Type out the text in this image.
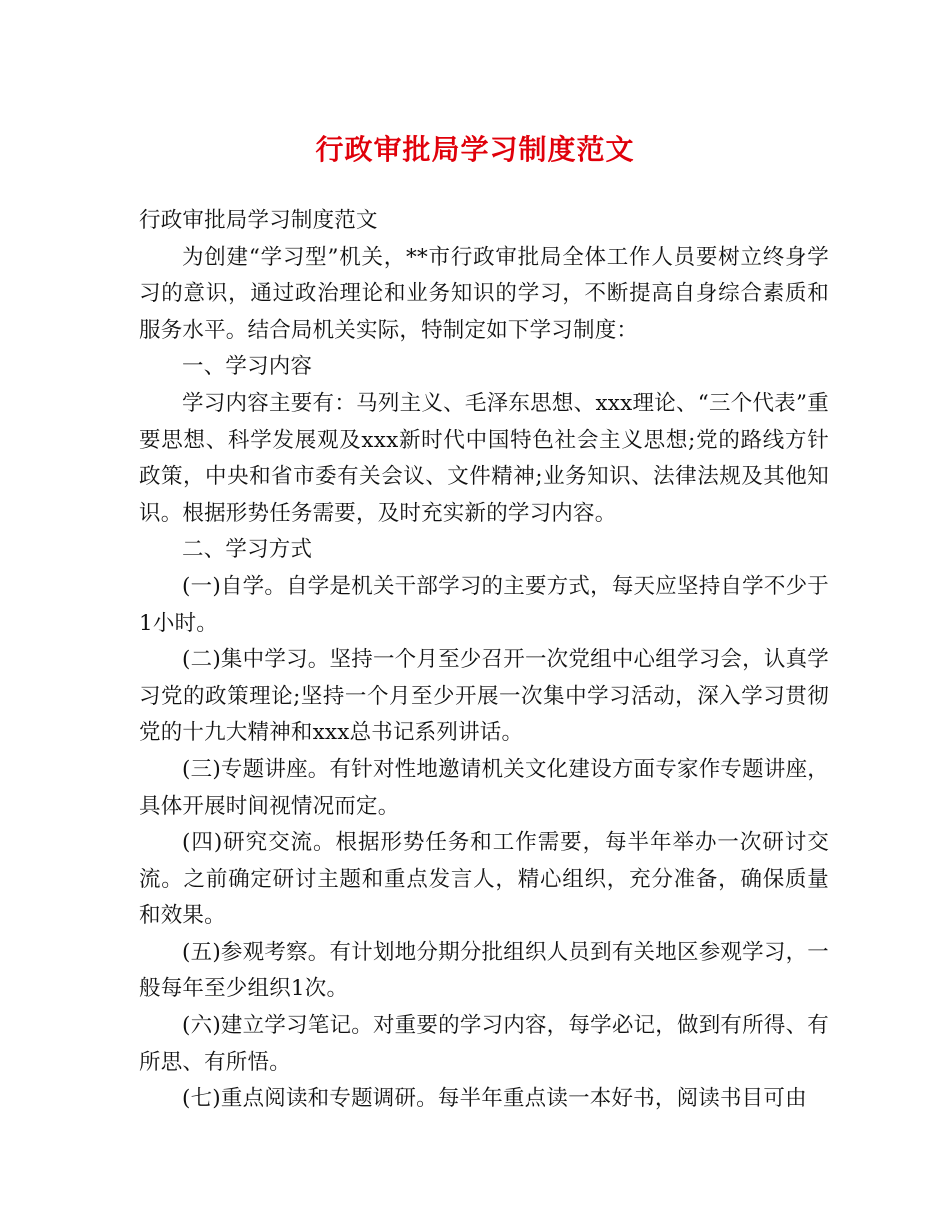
行政审批局学习制度范文

行政审批局学习制度范文

为创建“学习型”机关，**市行政审批局全体工作人员要树立终身学习的意识，通过政治理论和业务知识的学习，不断提高自身综合素质和服务水平。结合局机关实际，特制定如下学习制度：

一、学习内容

学习内容主要有：马列主义、毛泽东思想、xxx理论、“三个代表”重要思想、科学发展观及xxx新时代中国特色社会主义思想;党的路线方针政策，中央和省市委有关会议、文件精神;业务知识、法律法规及其他知识。根据形势任务需要，及时充实新的学习内容。

二、学习方式

(一)自学。自学是机关干部学习的主要方式，每天应坚持自学不少于1小时。

(二)集中学习。坚持一个月至少召开一次党组中心组学习会，认真学习党的政策理论;坚持一个月至少开展一次集中学习活动，深入学习贯彻党的十九大精神和xxx总书记系列讲话。

(三)专题讲座。有针对性地邀请机关文化建设方面专家作专题讲座，具体开展时间视情况而定。

(四)研究交流。根据形势任务和工作需要，每半年举办一次研讨交流。之前确定研讨主题和重点发言人，精心组织，充分准备，确保质量和效果。

(五)参观考察。有计划地分期分批组织人员到有关地区参观学习，一般每年至少组织1次。

(六)建立学习笔记。对重要的学习内容，每学必记，做到有所得、有所思、有所悟。

(七)重点阅读和专题调研。每半年重点读一本好书，阅读书目可由
